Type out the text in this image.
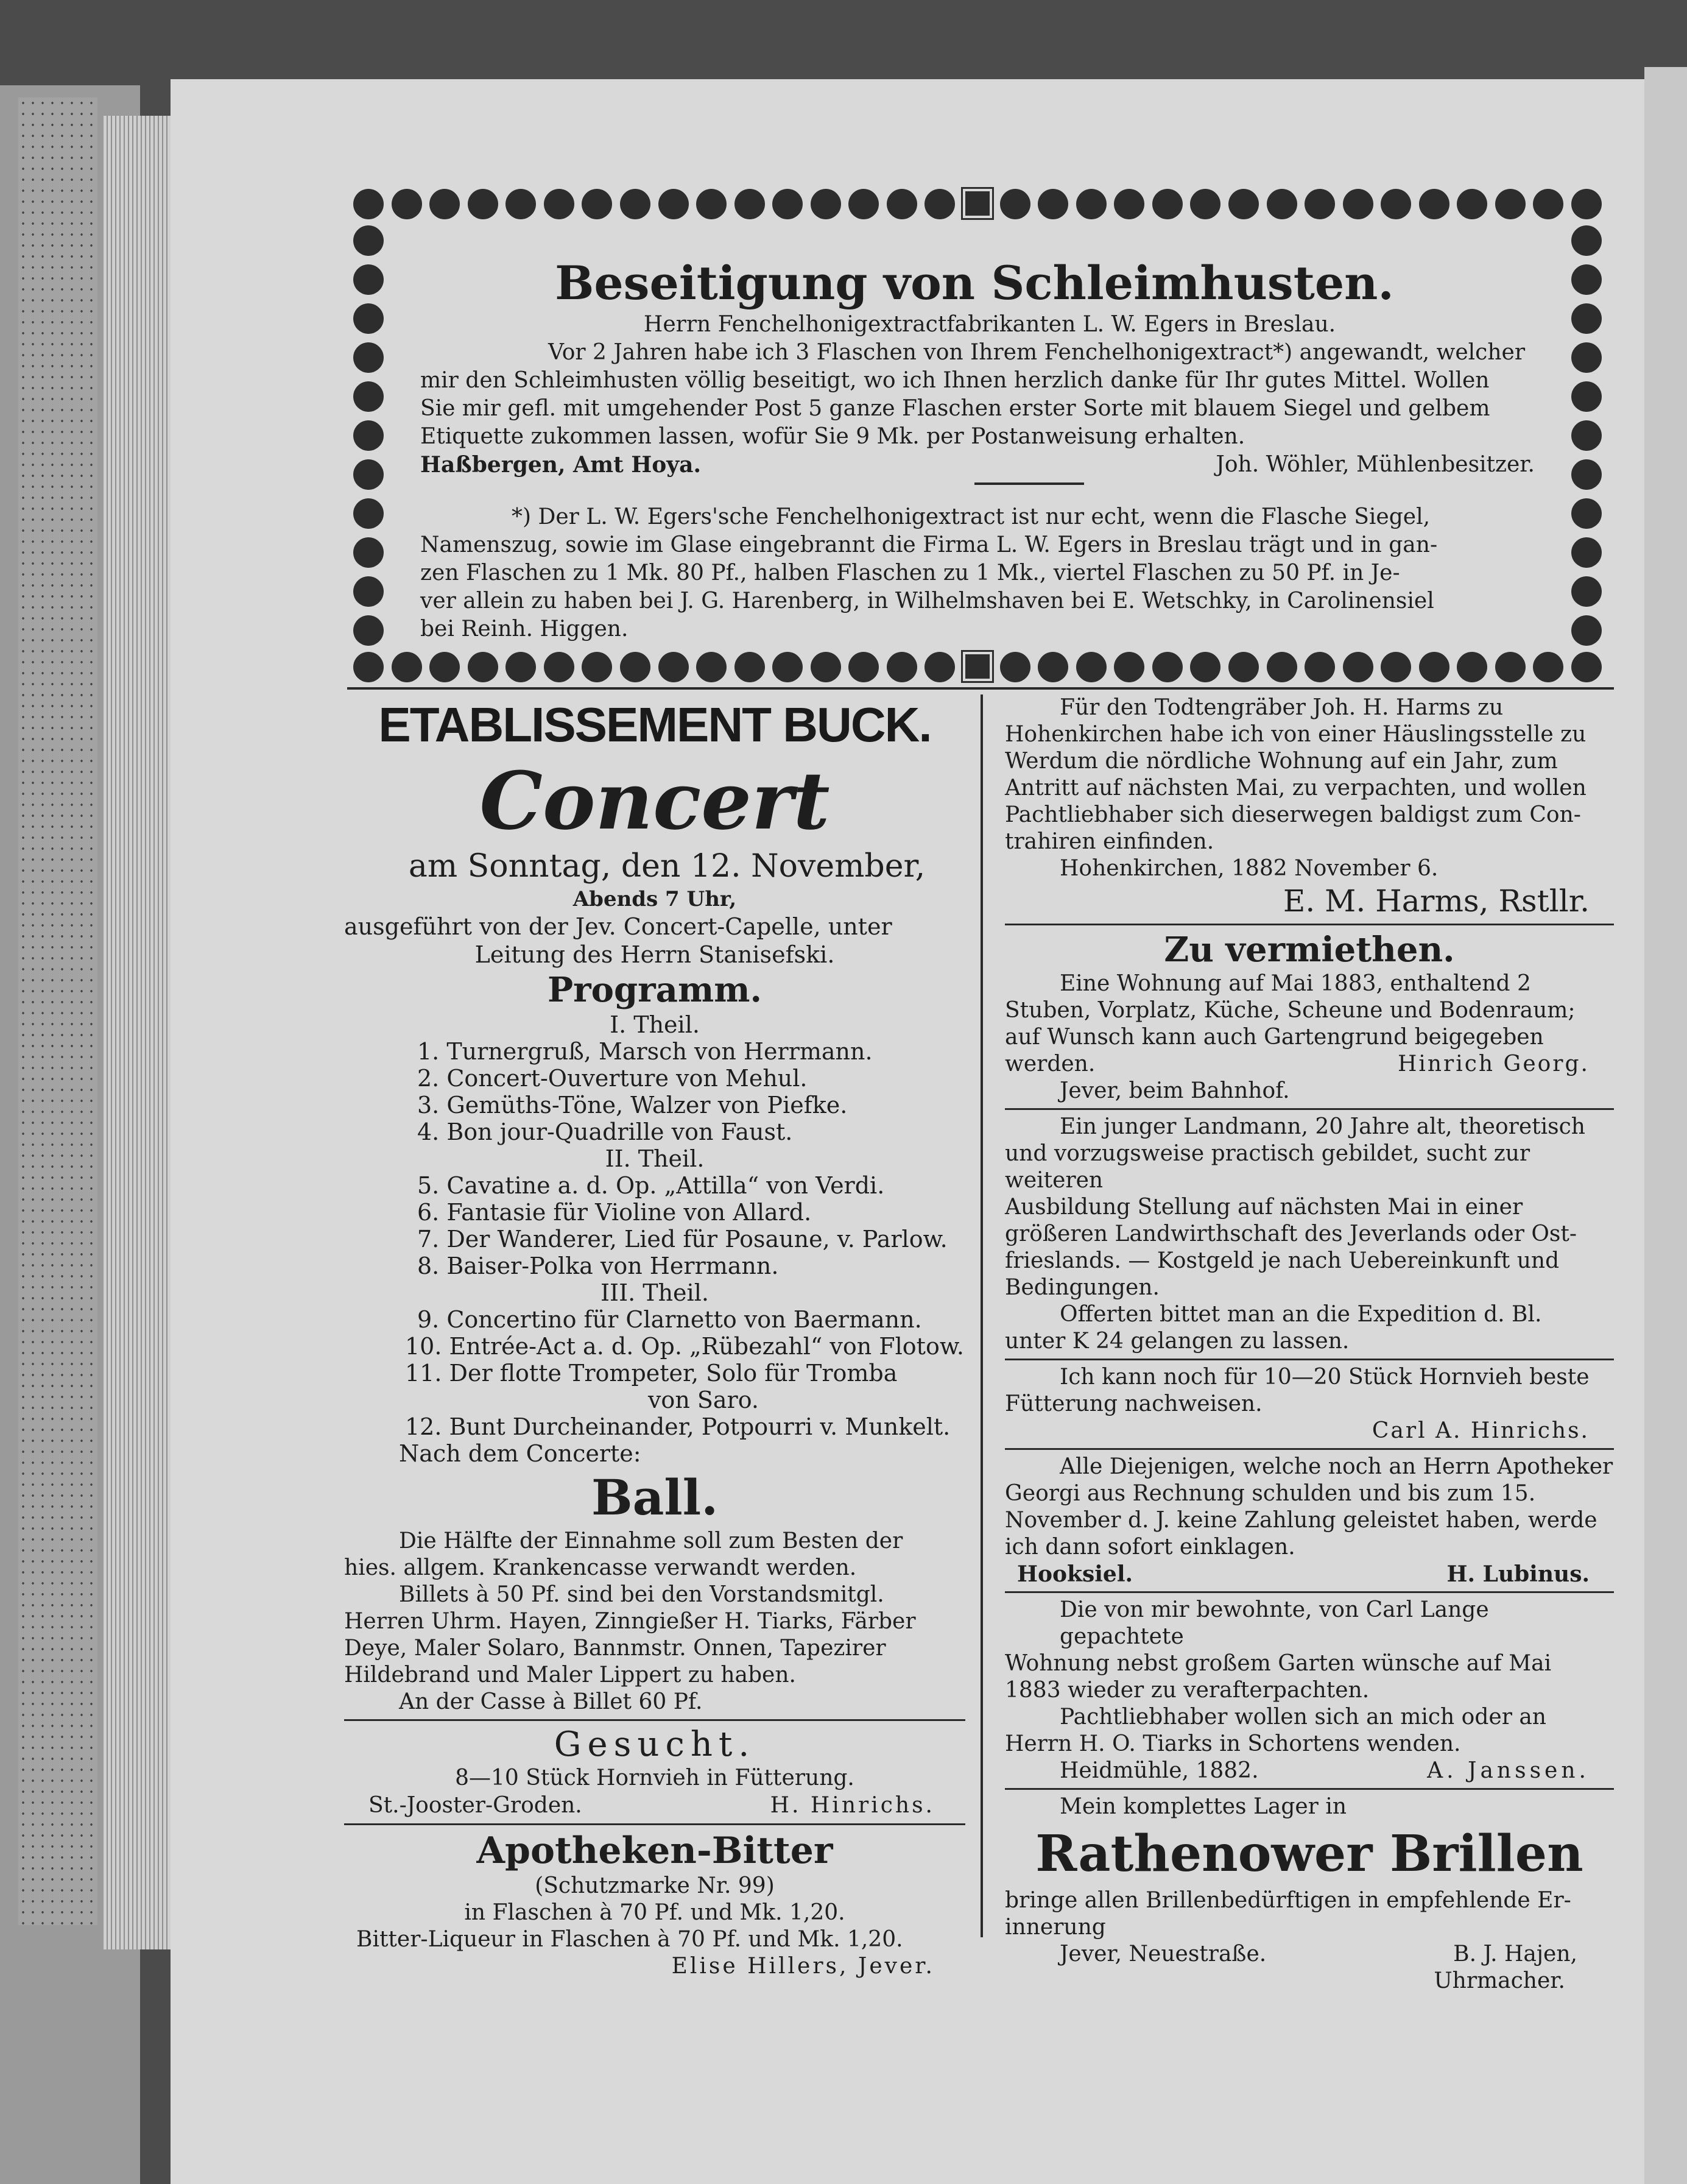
Beseitigung von Schleimhusten.
Herrn Fenchelhonigextractfabrikanten L. W. Egers in Breslau.
Vor 2 Jahren habe ich 3 Flaschen von Ihrem Fenchelhonigextract*) angewandt, welcher
mir den Schleimhusten völlig beseitigt, wo ich Ihnen herzlich danke für Ihr gutes Mittel. Wollen
Sie mir gefl. mit umgehender Post 5 ganze Flaschen erster Sorte mit blauem Siegel und gelbem
Etiquette zukommen lassen, wofür Sie 9 Mk. per Postanweisung erhalten.
Haßbergen, Amt Hoya.	Joh. Wöhler, Mühlenbesitzer.
*) Der L. W. Egers'sche Fenchelhonigextract ist nur echt, wenn die Flasche Siegel,
Namenszug, sowie im Glase eingebrannt die Firma L. W. Egers in Breslau trägt und in gan-
zen Flaschen zu 1 Mk. 80 Pf., halben Flaschen zu 1 Mk., viertel Flaschen zu 50 Pf. in Je-
ver allein zu haben bei J. G. Harenberg, in Wilhelmshaven bei E. Wetschky, in Carolinensiel
bei Reinh. Higgen.
ETABLISSEMENT BUCK.
Concert
am Sonntag, den 12. November,
Abends 7 Uhr,
ausgeführt von der Jev. Concert-Capelle, unter
Leitung des Herrn Stanisefski.
Programm.
I. Theil.
1. Turnergruß, Marsch von Herrmann.
2. Concert-Ouverture von Mehul.
3. Gemüths-Töne, Walzer von Piefke.
4. Bon jour-Quadrille von Faust.
II. Theil.
5. Cavatine a. d. Op. „Attilla“ von Verdi.
6. Fantasie für Violine von Allard.
7. Der Wanderer, Lied für Posaune, v. Parlow.
8. Baiser-Polka von Herrmann.
III. Theil.
9. Concertino für Clarnetto von Baermann.
10. Entrée-Act a. d. Op. „Rübezahl“ von Flotow.
11. Der flotte Trompeter, Solo für Tromba
von Saro.
12. Bunt Durcheinander, Potpourri v. Munkelt.
Nach dem Concerte:
Ball.
Die Hälfte der Einnahme soll zum Besten der
hies. allgem. Krankencasse verwandt werden.
Billets à 50 Pf. sind bei den Vorstandsmitgl.
Herren Uhrm. Hayen, Zinngießer H. Tiarks, Färber
Deye, Maler Solaro, Bannmstr. Onnen, Tapezirer
Hildebrand und Maler Lippert zu haben.
An der Casse à Billet 60 Pf.
Gesucht.
8—10 Stück Hornvieh in Fütterung.
St.-Jooster-Groden.	H. Hinrichs.
Apotheken-Bitter
(Schutzmarke Nr. 99)
in Flaschen à 70 Pf. und Mk. 1,20.
Bitter-Liqueur in Flaschen à 70 Pf. und Mk. 1,20.
Elise Hillers, Jever.
Für den Todtengräber Joh. H. Harms zu
Hohenkirchen habe ich von einer Häuslingsstelle zu
Werdum die nördliche Wohnung auf ein Jahr, zum
Antritt auf nächsten Mai, zu verpachten, und wollen
Pachtliebhaber sich dieserwegen baldigst zum Con-
trahiren einfinden.
Hohenkirchen, 1882 November 6.
E. M. Harms, Rstllr.
Zu vermiethen.
Eine Wohnung auf Mai 1883, enthaltend 2
Stuben, Vorplatz, Küche, Scheune und Bodenraum;
auf Wunsch kann auch Gartengrund beigegeben
werden.	Hinrich Georg.
Jever, beim Bahnhof.
Ein junger Landmann, 20 Jahre alt, theoretisch
und vorzugsweise practisch gebildet, sucht zur weiteren
Ausbildung Stellung auf nächsten Mai in einer
größeren Landwirthschaft des Jeverlands oder Ost-
frieslands. — Kostgeld je nach Uebereinkunft und
Bedingungen.
Offerten bittet man an die Expedition d. Bl.
unter K 24 gelangen zu lassen.
Ich kann noch für 10—20 Stück Hornvieh beste
Fütterung nachweisen.
Carl A. Hinrichs.
Alle Diejenigen, welche noch an Herrn Apotheker
Georgi aus Rechnung schulden und bis zum 15.
November d. J. keine Zahlung geleistet haben, werde
ich dann sofort einklagen.
Hooksiel.	H. Lubinus.
Die von mir bewohnte, von Carl Lange gepachtete
Wohnung nebst großem Garten wünsche auf Mai
1883 wieder zu verafterpachten.
Pachtliebhaber wollen sich an mich oder an
Herrn H. O. Tiarks in Schortens wenden.
Heidmühle, 1882.	A. Janssen.
Mein komplettes Lager in
Rathenower Brillen
bringe allen Brillenbedürftigen in empfehlende Er-
innerung
Jever, Neuestraße.	B. J. Hajen,
Uhrmacher.
